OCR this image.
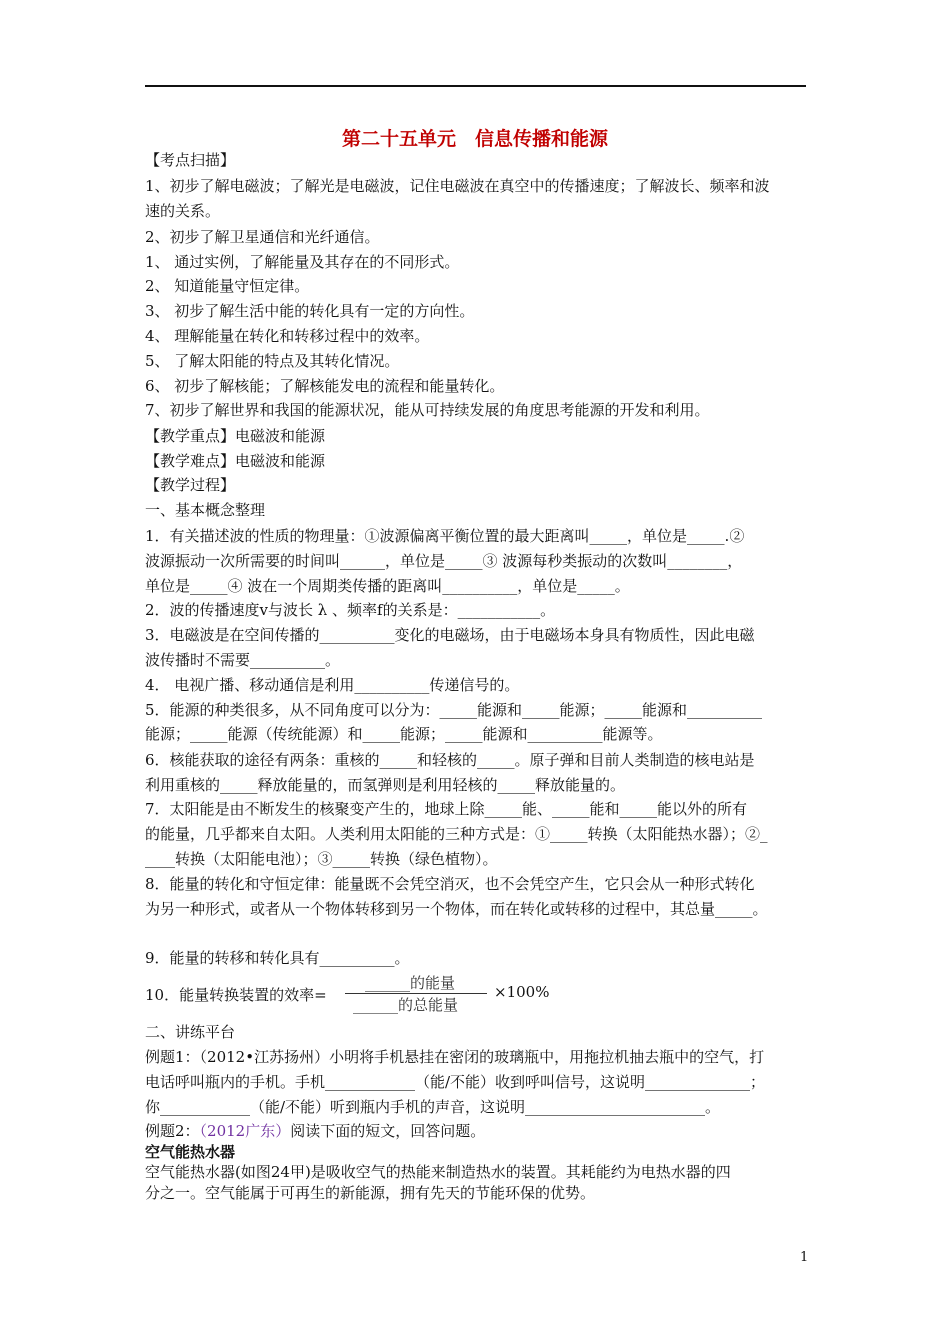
第二十五单元　信息传播和能源
【考点扫描】
1、初步了解电磁波；了解光是电磁波，记住电磁波在真空中的传播速度；了解波长、频率和波
速的关系。
2、初步了解卫星通信和光纤通信。
1、 通过实例，了解能量及其存在的不同形式。
2、 知道能量守恒定律。
3、 初步了解生活中能的转化具有一定的方向性。
4、 理解能量在转化和转移过程中的效率。
5、 了解太阳能的特点及其转化情况。
6、 初步了解核能；了解核能发电的流程和能量转化。
7、初步了解世界和我国的能源状况，能从可持续发展的角度思考能源的开发和利用。
【教学重点】电磁波和能源
【教学难点】电磁波和能源
【教学过程】
一、基本概念整理
1．有关描述波的性质的物理量：①波源偏离平衡位置的最大距离叫_____，单位是_____.②
波源振动一次所需要的时间叫______，单位是_____③ 波源每秒类振动的次数叫________，
单位是_____④ 波在一个周期类传播的距离叫__________，单位是_____。
2．波的传播速度v与波长 λ 、频率f的关系是：___________。
3．电磁波是在空间传播的__________变化的电磁场，由于电磁场本身具有物质性，因此电磁
波传播时不需要__________。
4． 电视广播、移动通信是利用__________传递信号的。
5．能源的种类很多，从不同角度可以分为：_____能源和_____能源；_____能源和__________
能源；_____能源（传统能源）和_____能源；_____能源和__________能源等。
6．核能获取的途径有两条：重核的_____和轻核的_____。原子弹和目前人类制造的核电站是
利用重核的_____释放能量的，而氢弹则是利用轻核的_____释放能量的。
7．太阳能是由不断发生的核聚变产生的，地球上除_____能、_____能和_____能以外的所有
的能量，几乎都来自太阳。人类利用太阳能的三种方式是：①_____转换（太阳能热水器）；②_
____转换（太阳能电池）；③_____转换（绿色植物）。
8．能量的转化和守恒定律：能量既不会凭空消灭，也不会凭空产生，它只会从一种形式转化
为另一种形式，或者从一个物体转移到另一个物体，而在转化或转移的过程中，其总量_____。
9．能量的转移和转化具有__________。
10．能量转换装置的效率=
______的能量
______的总能量
×100%
二、讲练平台
例题1：（2012•江苏扬州）小明将手机悬挂在密闭的玻璃瓶中，用拖拉机抽去瓶中的空气，打
电话呼叫瓶内的手机。手机____________（能/不能）收到呼叫信号，这说明______________；
你____________（能/不能）听到瓶内手机的声音，这说明________________________。
例题2：（2012广东）阅读下面的短文，回答问题。
空气能热水器
空气能热水器(如图24甲)是吸收空气的热能来制造热水的装置。其耗能约为电热水器的四
分之一。空气能属于可再生的新能源，拥有先天的节能环保的优势。
1
